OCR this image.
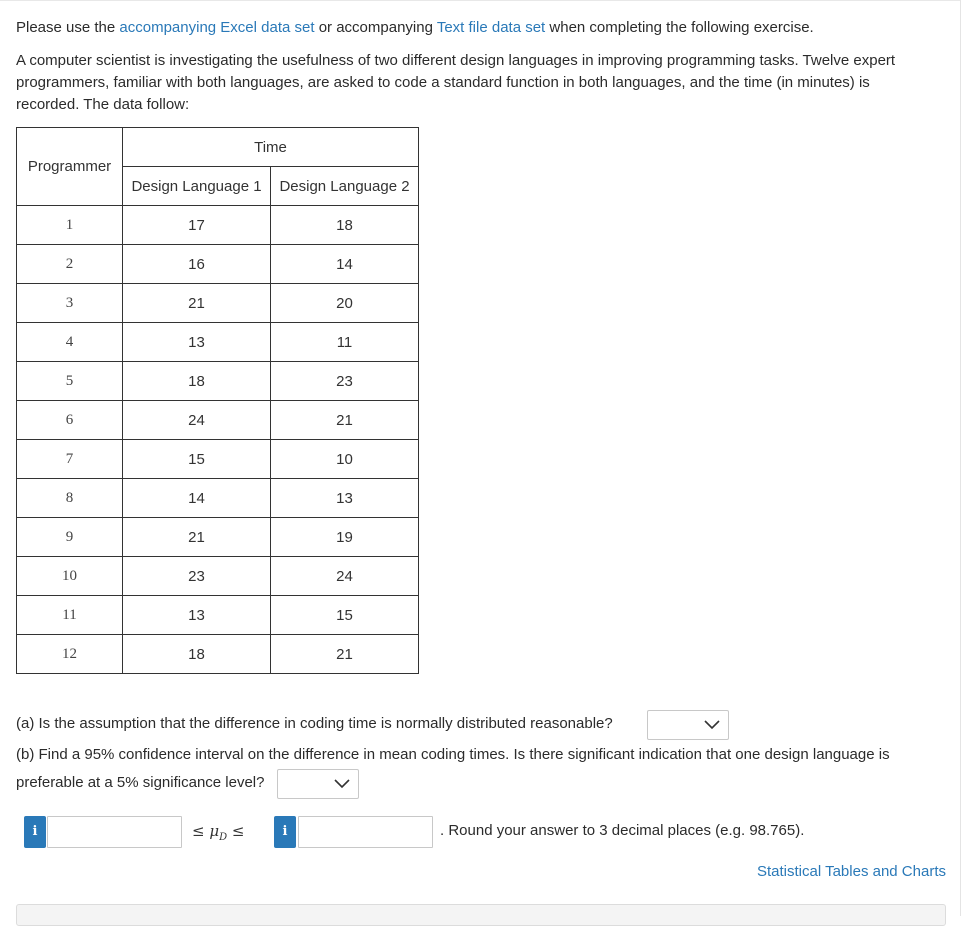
Please use the accompanying Excel data set or accompanying Text file data set when completing the following exercise.

A computer scientist is investigating the usefulness of two different design languages in improving programming tasks. Twelve expert

programmers, familiar with both languages, are asked to code a standard function in both languages, and the time (in minutes) is

recorded. The data follow:

Programmer	Time	
	Design Language 1	Design Language 2
1	17	18
2	16	14
3	21	20
4	13	11
5	18	23
6	24	21
7	15	10
8	14	13
9	21	19
10	23	24
11	13	15
12	18	21
(a) Is the assumption that the difference in coding time is normally distributed reasonable?
(b) Find a 95% confidence interval on the difference in mean coding times. Is there significant indication that one design language is
preferable at a 5% significance level?
i	≤ $\mu_D$ ≤	i	. Round your answer to 3 decimal places (e.g. 98.765).
Statistical Tables and Charts
